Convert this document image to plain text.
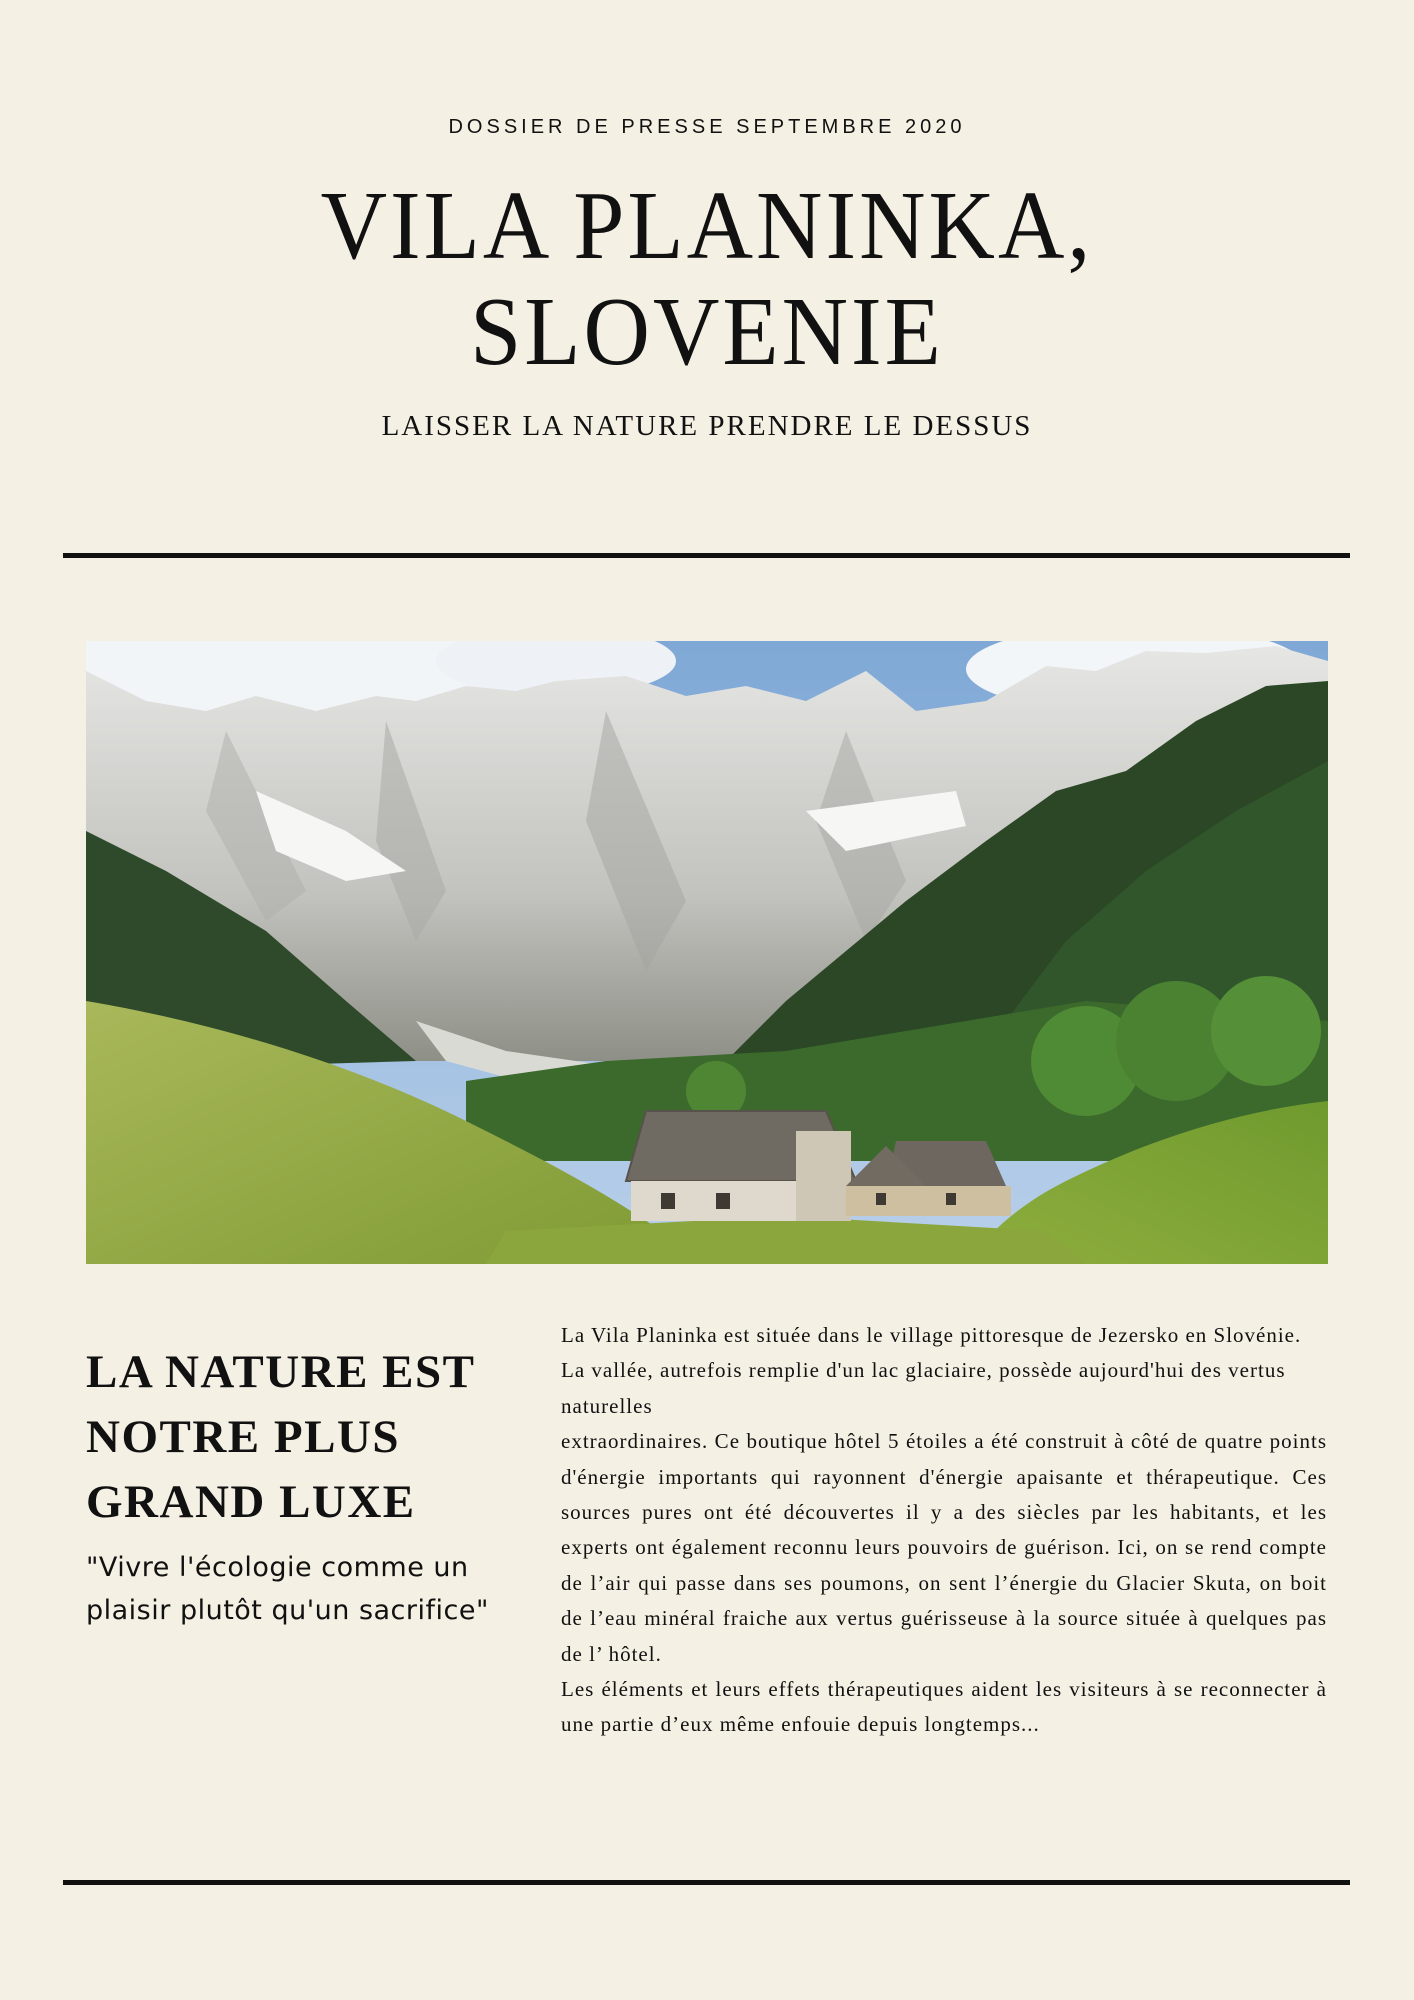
DOSSIER DE PRESSE SEPTEMBRE 2020
VILA PLANINKA,
SLOVENIE
LAISSER LA NATURE PRENDRE LE DESSUS
LA NATURE EST
NOTRE PLUS
GRAND LUXE
"Vivre l'écologie comme un plaisir plutôt qu'un sacrifice"

La Vila Planinka est située dans le village pittoresque de Jezersko en Slovénie. La vallée, autrefois remplie d'un lac glaciaire, possède aujourd'hui des vertus naturelles

extraordinaires. Ce boutique hôtel 5 étoiles a été construit à côté de quatre points d'énergie importants qui rayonnent d'énergie apaisante et thérapeutique. Ces sources pures ont été découvertes il y a des siècles par les habitants, et les experts ont également reconnu leurs pouvoirs de guérison. Ici, on se rend compte de l’air qui passe dans ses poumons, on sent l’énergie du Glacier Skuta, on boit de l’eau minéral fraiche aux vertus guérisseuse à la source située à quelques pas de l’ hôtel.

Les éléments et leurs effets thérapeutiques aident les visiteurs à se reconnecter à une partie d’eux même enfouie depuis longtemps...
